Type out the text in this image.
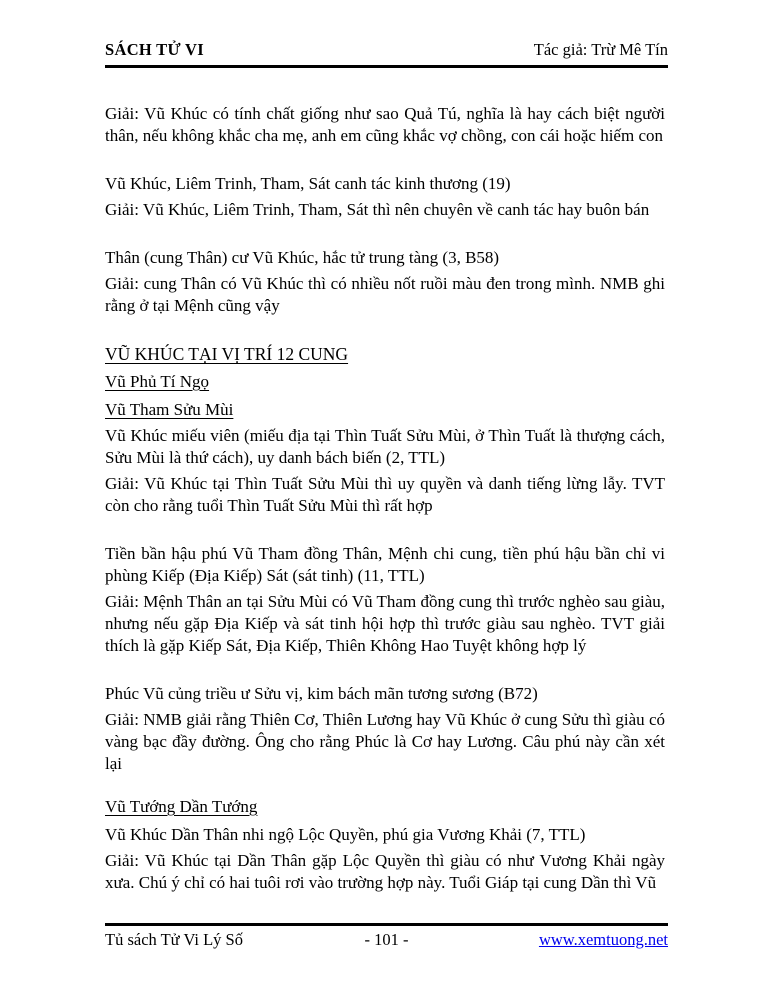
SÁCH TỬ VI	Tác giả: Trừ Mê Tín
Giải: Vũ Khúc có tính chất giống như sao Quả Tú, nghĩa là hay cách biệt người thân, nếu không khắc cha mẹ, anh em cũng khắc vợ chồng, con cái hoặc hiếm con
Vũ Khúc, Liêm Trinh, Tham, Sát canh tác kinh thương (19)
Giải: Vũ Khúc, Liêm Trinh, Tham, Sát thì nên chuyên về canh tác hay buôn bán
Thân (cung Thân) cư Vũ Khúc, hắc tử trung tàng (3, B58)
Giải: cung Thân có Vũ Khúc thì có nhiều nốt ruồi màu đen trong mình. NMB ghi rằng ở tại Mệnh cũng vậy
VŨ KHÚC TẠI VỊ TRÍ 12 CUNG
Vũ Phủ Tí Ngọ
Vũ Tham Sửu Mùi
Vũ Khúc miếu viên (miếu địa tại Thìn Tuất Sửu Mùi, ở Thìn Tuất là thượng cách, Sửu Mùi là thứ cách), uy danh bách biến (2, TTL)
Giải: Vũ Khúc tại Thìn Tuất Sửu Mùi thì uy quyền và danh tiếng lừng lẫy. TVT còn cho rằng tuổi Thìn Tuất Sửu Mùi thì rất hợp
Tiền bần hậu phú Vũ Tham đồng Thân, Mệnh chi cung, tiền phú hậu bần chỉ vi phùng Kiếp (Địa Kiếp) Sát (sát tinh) (11, TTL)
Giải: Mệnh Thân an tại Sửu Mùi có Vũ Tham đồng cung thì trước nghèo sau giàu, nhưng nếu gặp Địa Kiếp và sát tinh hội hợp thì trước giàu sau nghèo. TVT giải thích là gặp Kiếp Sát, Địa Kiếp, Thiên Không Hao Tuyệt không hợp lý
Phúc Vũ củng triều ư Sửu vị, kim bách mãn tương sương (B72)
Giải: NMB giải rằng Thiên Cơ, Thiên Lương hay Vũ Khúc ở cung Sửu thì giàu có vàng bạc đầy đường. Ông cho rằng Phúc là Cơ hay Lương. Câu phú này cần xét lại
Vũ Tướng Dần Tướng
Vũ Khúc Dần Thân nhi ngộ Lộc Quyền, phú gia Vương Khải (7, TTL)
Giải: Vũ Khúc tại Dần Thân gặp Lộc Quyền thì giàu có như Vương Khải ngày xưa. Chú ý chỉ có hai tuôi rơi vào trường hợp này. Tuổi Giáp tại cung Dần thì Vũ
Tủ sách Tử Vi Lý Số	- 101 -	www.xemtuong.net
